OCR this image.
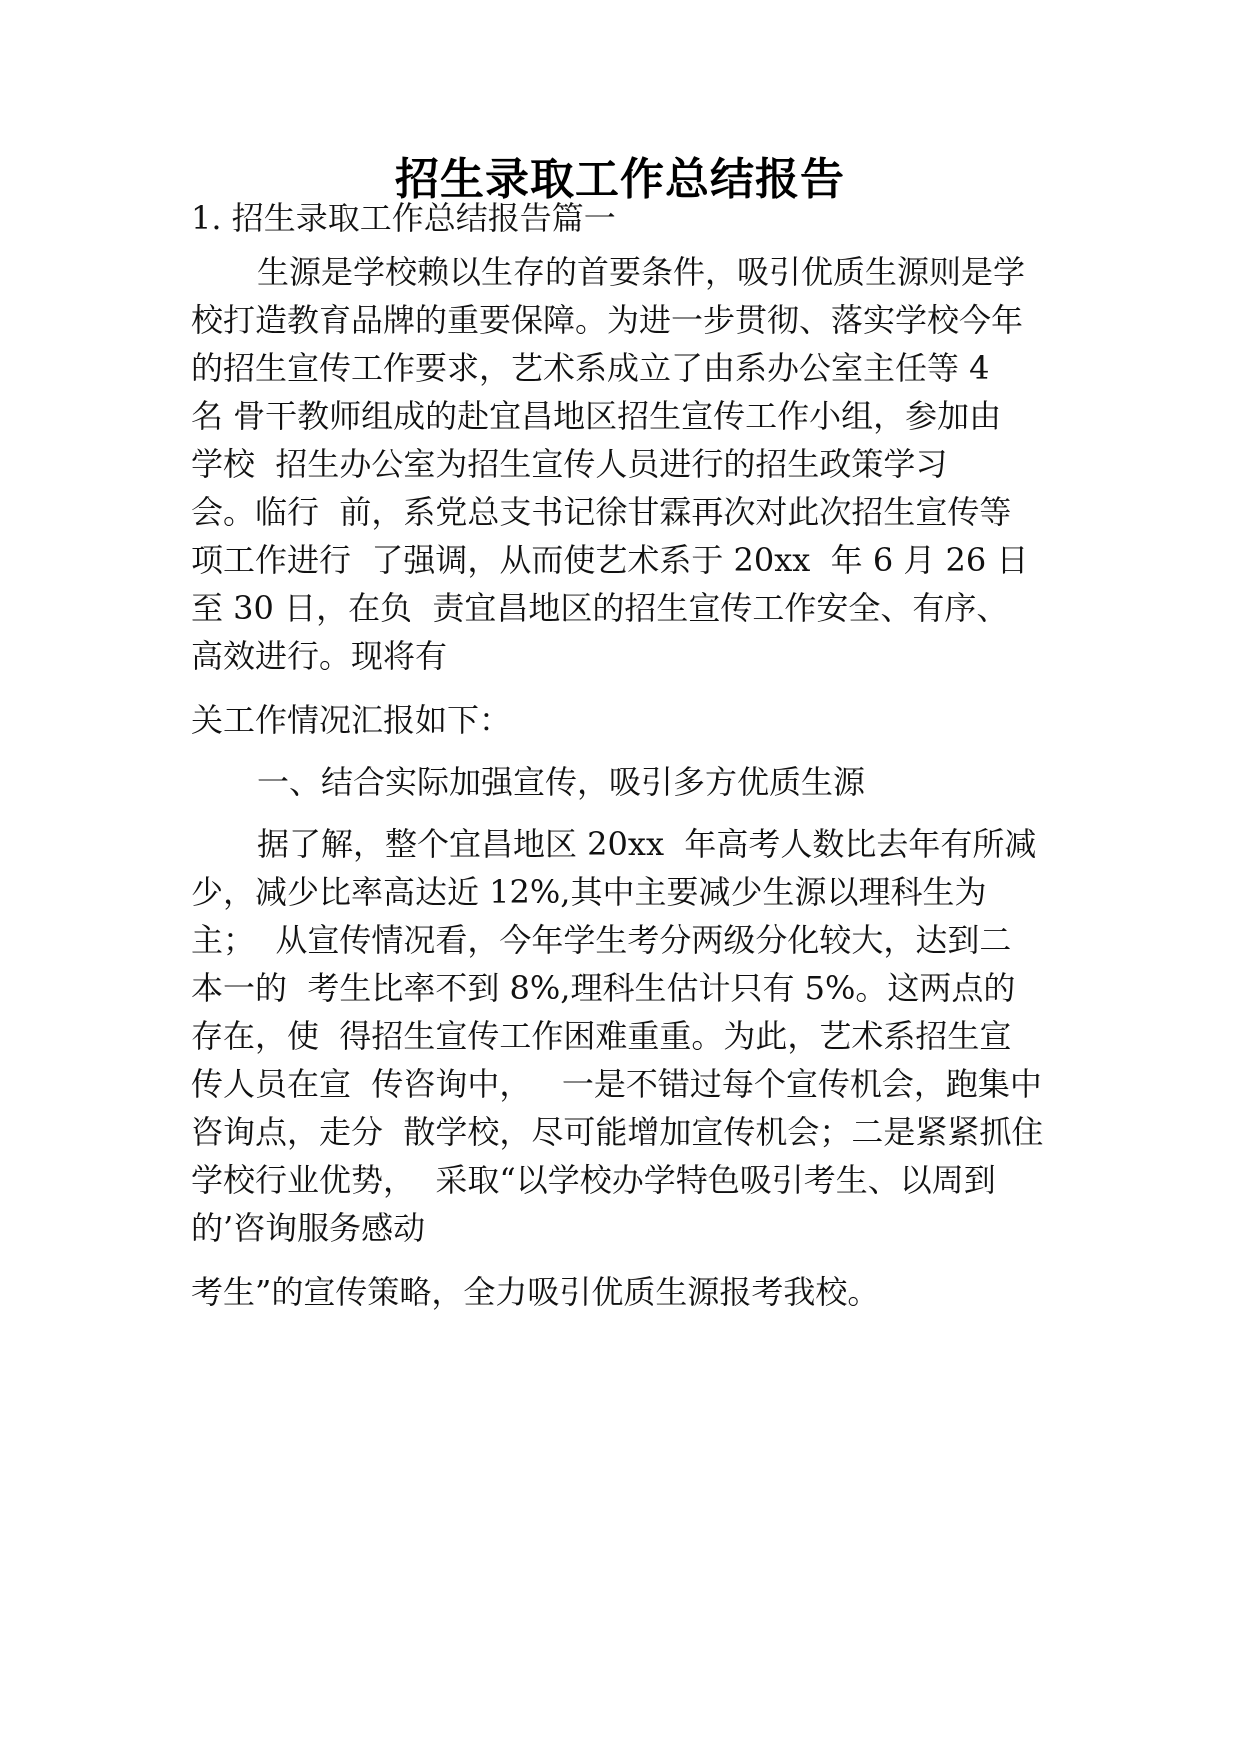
招生录取工作总结报告
1. 招生录取工作总结报告篇一
生源是学校赖以生存的首要条件，吸引优质生源则是学
校打造教育品牌的重要保障。为进一步贯彻、落实学校今年
的招生宣传工作要求，艺术系成立了由系办公室主任等 4
名 骨干教师组成的赴宜昌地区招生宣传工作小组，参加由
学校  招生办公室为招生宣传人员进行的招生政策学习
会。临行  前，系党总支书记徐甘霖再次对此次招生宣传等
项工作进行  了强调，从而使艺术系于 20xx  年 6 月 26 日
至 30 日，在负  责宜昌地区的招生宣传工作安全、有序、
高效进行。现将有
关工作情况汇报如下：
一、结合实际加强宣传，吸引多方优质生源
据了解，整个宜昌地区 20xx  年高考人数比去年有所减
少，减少比率高达近 12%,其中主要减少生源以理科生为
主；  从宣传情况看，今年学生考分两级分化较大，达到二
本一的  考生比率不到 8%,理科生估计只有 5%。这两点的
存在，使  得招生宣传工作困难重重。为此，艺术系招生宣
传人员在宣  传咨询中，   一是不错过每个宣传机会，跑集中
咨询点，走分  散学校，尽可能增加宣传机会；二是紧紧抓住
学校行业优势，  采取“以学校办学特色吸引考生、以周到
的’咨询服务感动
考生”的宣传策略，全力吸引优质生源报考我校。
